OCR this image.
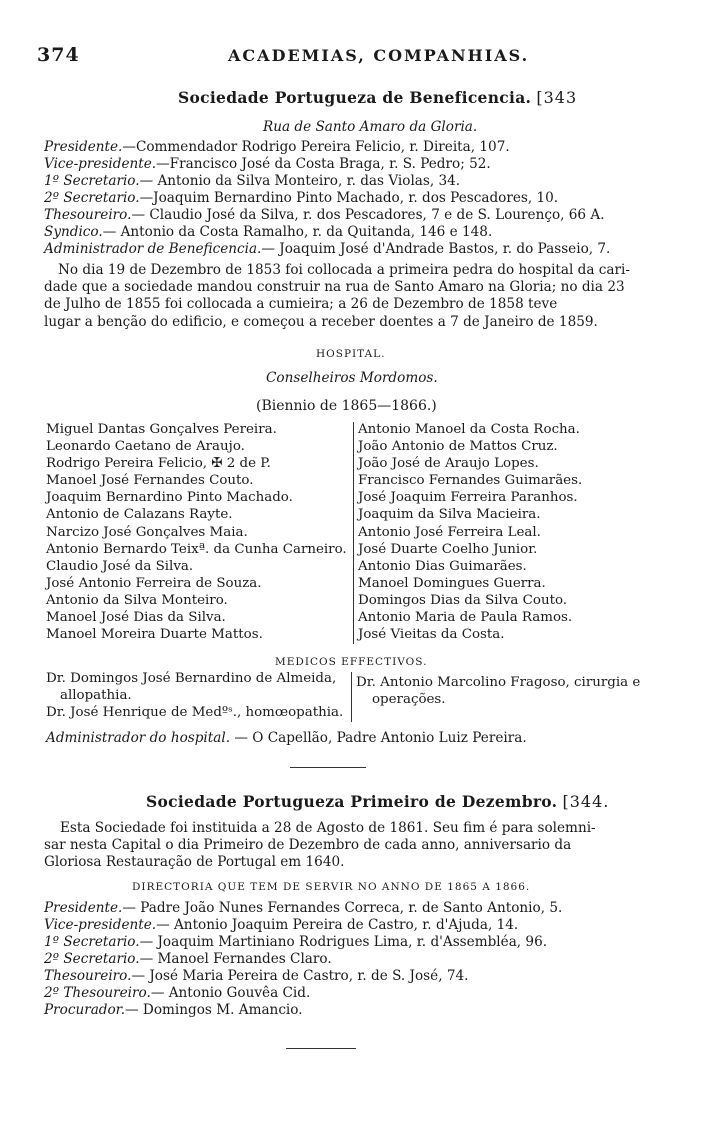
374	ACADEMIAS, COMPANHIAS.
Sociedade Portugueza de Beneficencia. [343
Rua de Santo Amaro da Gloria.
Presidente.—Commendador Rodrigo Pereira Felicio, r. Direita, 107.
Vice-presidente.—Francisco José da Costa Braga, r. S. Pedro; 52.
1º Secretario.— Antonio da Silva Monteiro, r. das Violas, 34.
2º Secretario.—Joaquim Bernardino Pinto Machado, r. dos Pescadores, 10.
Thesoureiro.— Claudio José da Silva, r. dos Pescadores, 7 e de S. Lourenço, 66 A.
Syndico.— Antonio da Costa Ramalho, r. da Quitanda, 146 e 148.
Administrador de Beneficencia.— Joaquim José d'Andrade Bastos, r. do Passeio, 7.
No dia 19 de Dezembro de 1853 foi collocada a primeira pedra do hospital da cari-
dade que a sociedade mandou construir na rua de Santo Amaro na Gloria; no dia 23
de Julho de 1855 foi collocada a cumieira; a 26 de Dezembro de 1858 teve
lugar a benção do edificio, e começou a receber doentes a 7 de Janeiro de 1859.
HOSPITAL.
Conselheiros Mordomos.
(Biennio de 1865—1866.)
Miguel Dantas Gonçalves Pereira.
Leonardo Caetano de Araujo.
Rodrigo Pereira Felicio, ✠ 2 de P.
Manoel José Fernandes Couto.
Joaquim Bernardino Pinto Machado.
Antonio de Calazans Rayte.
Narcizo José Gonçalves Maia.
Antonio Bernardo Teixª. da Cunha Carneiro.
Claudio José da Silva.
José Antonio Ferreira de Souza.
Antonio da Silva Monteiro.
Manoel José Dias da Silva.
Manoel Moreira Duarte Mattos.
Antonio Manoel da Costa Rocha.
João Antonio de Mattos Cruz.
João José de Araujo Lopes.
Francisco Fernandes Guimarães.
José Joaquim Ferreira Paranhos.
Joaquim da Silva Macieira.
Antonio José Ferreira Leal.
José Duarte Coelho Junior.
Antonio Dias Guimarães.
Manoel Domingues Guerra.
Domingos Dias da Silva Couto.
Antonio Maria de Paula Ramos.
José Vieitas da Costa.
MEDICOS EFFECTIVOS.
Dr. Domingos José Bernardino de Almeida,
allopathia.
Dr. José Henrique de Medºˢ., homœopathia.
Dr. Antonio Marcolino Fragoso, cirurgia e
operações.
Administrador do hospital. — O Capellão, Padre Antonio Luiz Pereira.
Sociedade Portugueza Primeiro de Dezembro. [344.
Esta Sociedade foi instituida a 28 de Agosto de 1861. Seu fim é para solemni-
sar nesta Capital o dia Primeiro de Dezembro de cada anno, anniversario da
Gloriosa Restauração de Portugal em 1640.
DIRECTORIA QUE TEM DE SERVIR NO ANNO DE 1865 A 1866.
Presidente.— Padre João Nunes Fernandes Correca, r. de Santo Antonio, 5.
Vice-presidente.— Antonio Joaquim Pereira de Castro, r. d'Ajuda, 14.
1º Secretario.— Joaquim Martiniano Rodrigues Lima, r. d'Assembléa, 96.
2º Secretario.— Manoel Fernandes Claro.
Thesoureiro.— José Maria Pereira de Castro, r. de S. José, 74.
2º Thesoureiro.— Antonio Gouvêa Cid.
Procurador.— Domingos M. Amancio.
